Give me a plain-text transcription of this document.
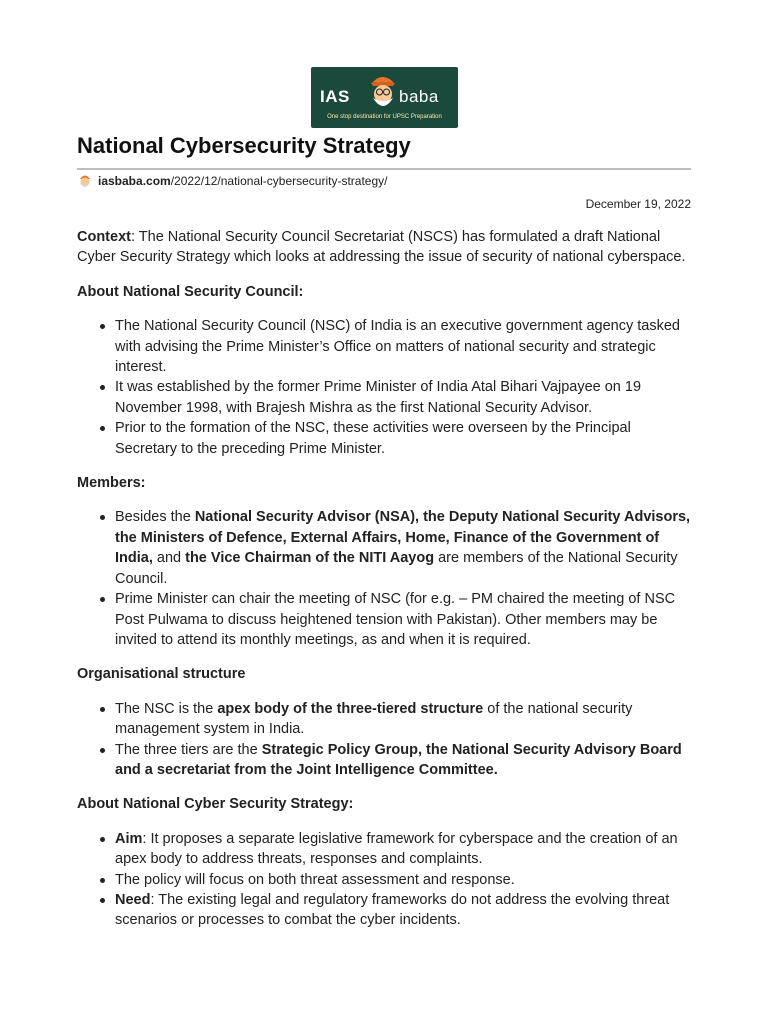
IAS	baba
One stop destination for UPSC Preparation
National Cybersecurity Strategy
iasbaba.com /2022/12/national-cybersecurity-strategy/
December 19, 2022

Context: The National Security Council Secretariat (NSCS) has formulated a draft National Cyber Security Strategy which looks at addressing the issue of security of national cyberspace.

About National Security Council:
The National Security Council (NSC) of India is an executive government agency tasked with advising the Prime Minister’s Office on matters of national security and strategic interest.
It was established by the former Prime Minister of India Atal Bihari Vajpayee on 19 November 1998, with Brajesh Mishra as the first National Security Advisor.
Prior to the formation of the NSC, these activities were overseen by the Principal Secretary to the preceding Prime Minister.
Members:
Besides the National Security Advisor (NSA), the Deputy National Security Advisors, the Ministers of Defence, External Affairs, Home, Finance of the Government of India, and the Vice Chairman of the NITI Aayog are members of the National Security Council.
Prime Minister can chair the meeting of NSC (for e.g. – PM chaired the meeting of NSC Post Pulwama to discuss heightened tension with Pakistan). Other members may be invited to attend its monthly meetings, as and when it is required.
Organisational structure
The NSC is the apex body of the three-tiered structure of the national security management system in India.
The three tiers are the Strategic Policy Group, the National Security Advisory Board and a secretariat from the Joint Intelligence Committee.
About National Cyber Security Strategy:
Aim: It proposes a separate legislative framework for cyberspace and the creation of an apex body to address threats, responses and complaints.
The policy will focus on both threat assessment and response.
Need: The existing legal and regulatory frameworks do not address the evolving threat scenarios or processes to combat the cyber incidents.
